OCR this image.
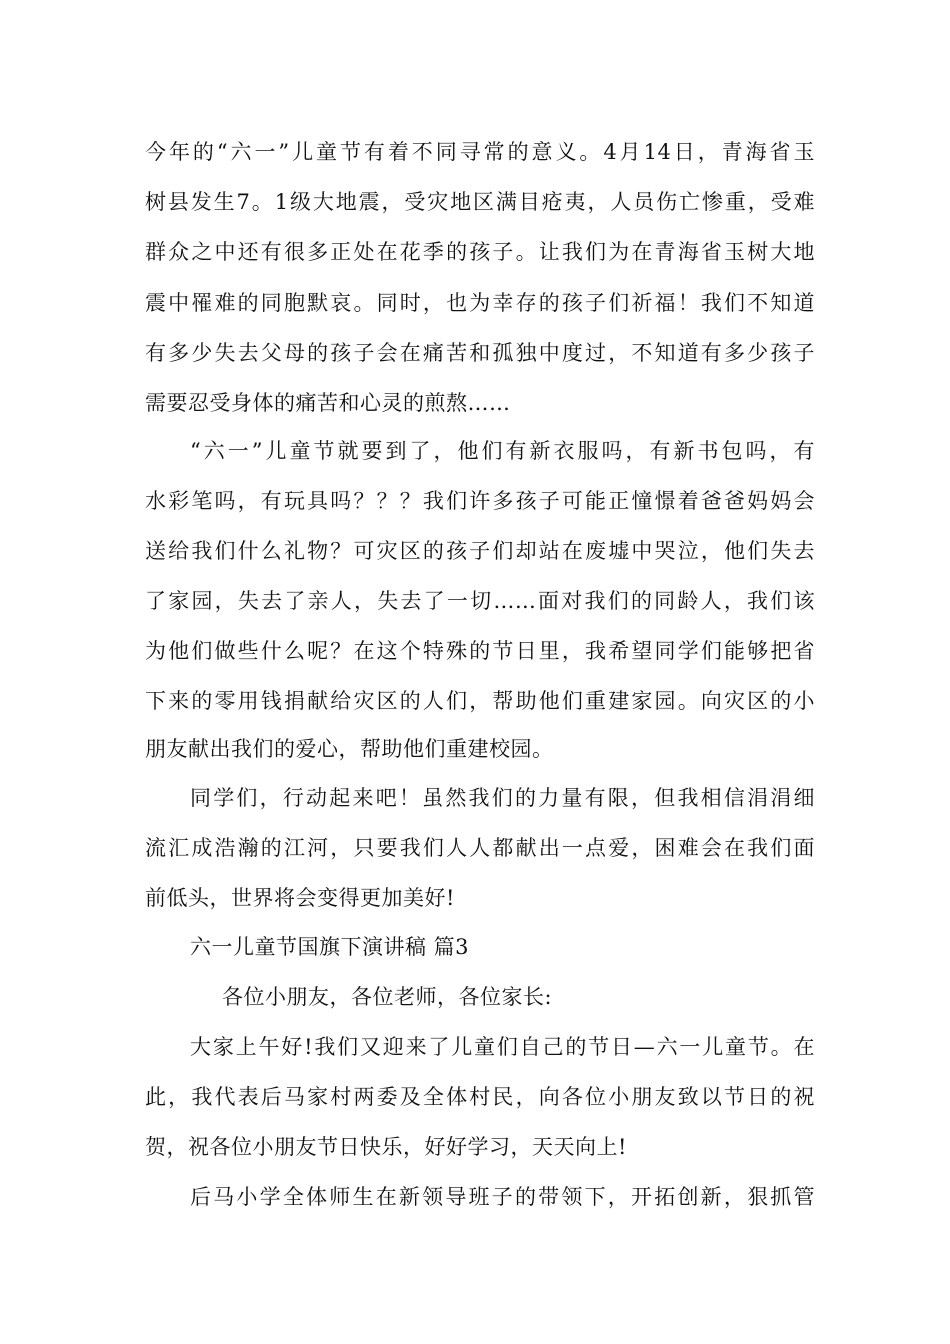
今年的“六一”儿童节有着不同寻常的意义。4月14日，青海省玉
树县发生7。1级大地震，受灾地区满目疮夷，人员伤亡惨重，受难
群众之中还有很多正处在花季的孩子。让我们为在青海省玉树大地
震中罹难的同胞默哀。同时，也为幸存的孩子们祈福！我们不知道
有多少失去父母的孩子会在痛苦和孤独中度过，不知道有多少孩子
需要忍受身体的痛苦和心灵的煎熬……
“六一”儿童节就要到了，他们有新衣服吗，有新书包吗，有
水彩笔吗，有玩具吗？？？我们许多孩子可能正憧憬着爸爸妈妈会
送给我们什么礼物？可灾区的孩子们却站在废墟中哭泣，他们失去
了家园，失去了亲人，失去了一切……面对我们的同龄人，我们该
为他们做些什么呢？在这个特殊的节日里，我希望同学们能够把省
下来的零用钱捐献给灾区的人们，帮助他们重建家园。向灾区的小
朋友献出我们的爱心，帮助他们重建校园。
同学们，行动起来吧！虽然我们的力量有限，但我相信涓涓细
流汇成浩瀚的江河，只要我们人人都献出一点爱，困难会在我们面
前低头，世界将会变得更加美好!
六一儿童节国旗下演讲稿 篇3
各位小朋友，各位老师，各位家长:
大家上午好!我们又迎来了儿童们自己的节日—六一儿童节。在
此，我代表后马家村两委及全体村民，向各位小朋友致以节日的祝
贺，祝各位小朋友节日快乐，好好学习，天天向上!
后马小学全体师生在新领导班子的带领下，开拓创新，狠抓管
